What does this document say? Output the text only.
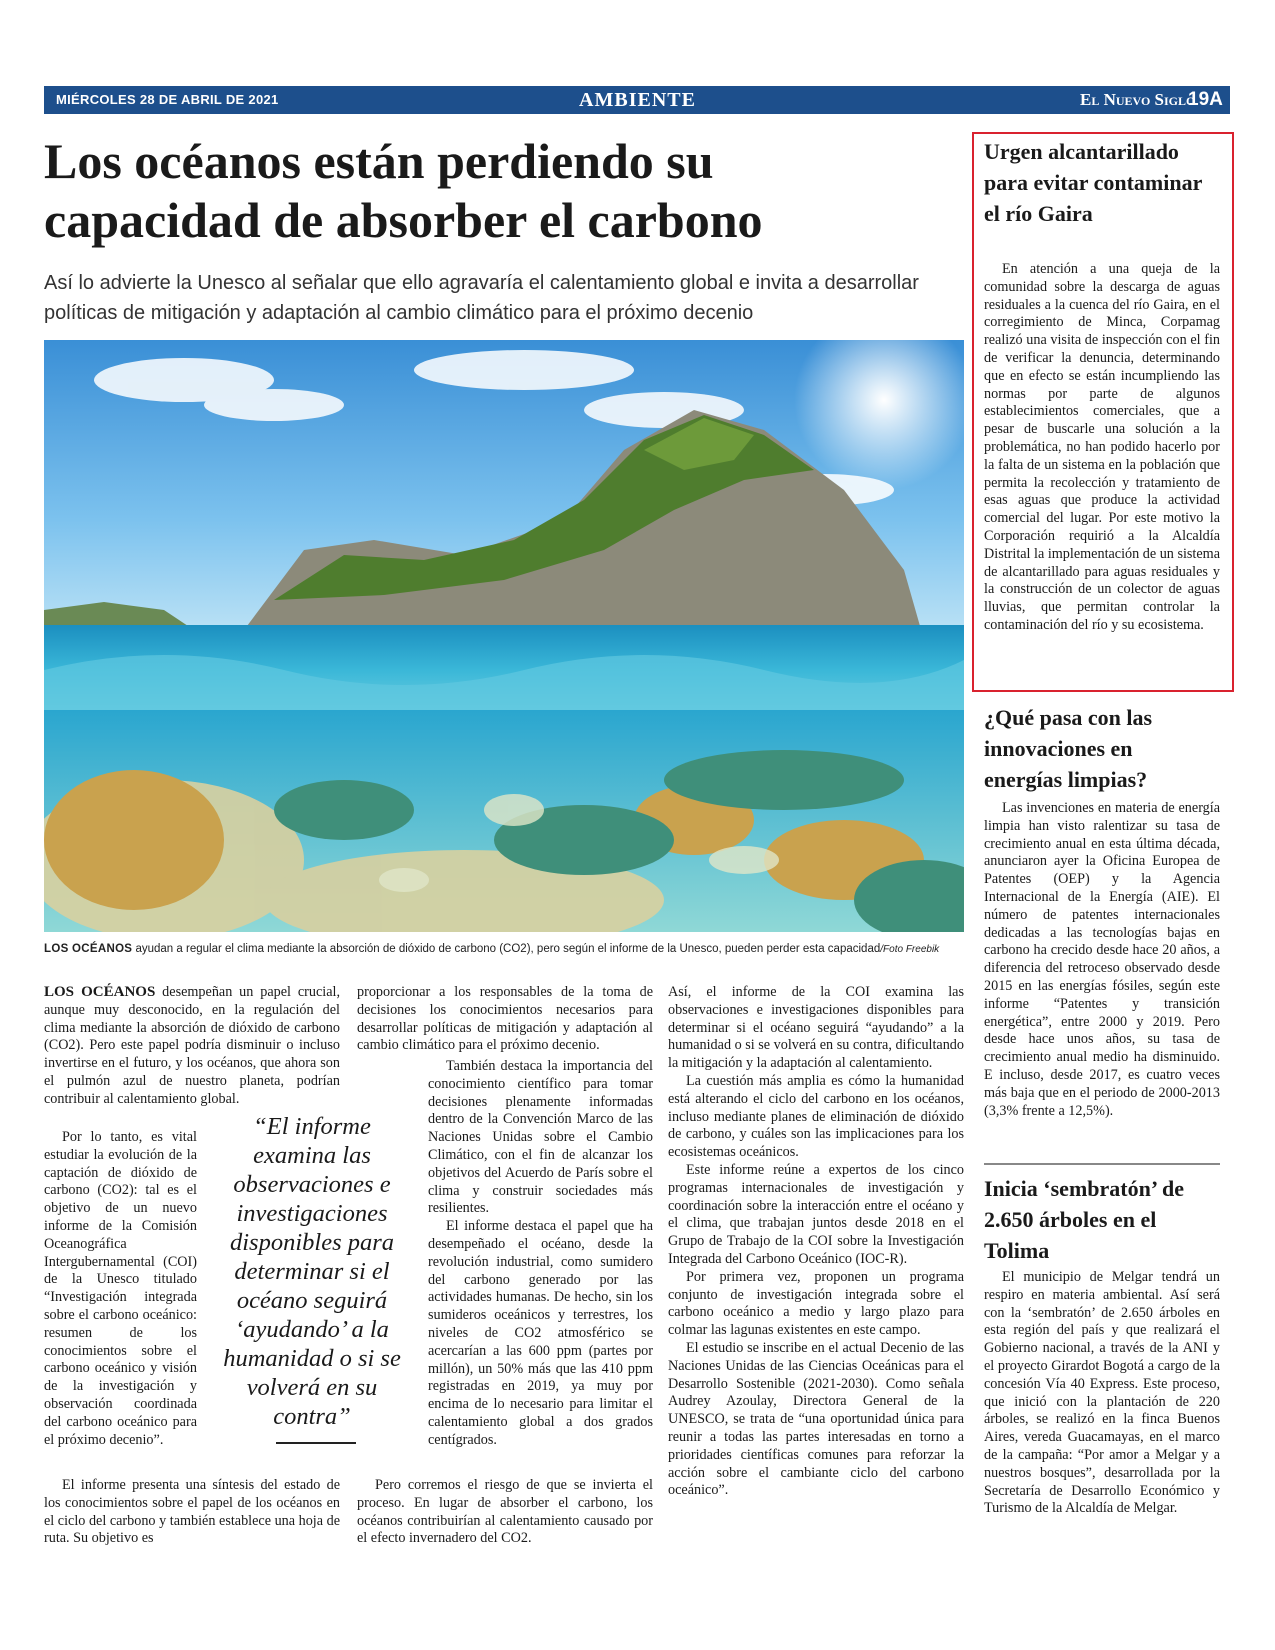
MIÉRCOLES 28 DE ABRIL DE 2021	AMBIENTE	El Nuevo Siglo
19A
Los océanos están perdiendo su capacidad de absorber el carbono

Así lo advierte la Unesco al señalar que ello agravaría el calentamiento global e invita a desarrollar políticas de mitigación y adaptación al cambio climático para el próximo decenio

LOS OCÉANOS ayudan a regular el clima mediante la absorción de dióxido de carbono (CO2), pero según el informe de la Unesco, pueden perder esta capacidad/Foto Freebik

LOS OCÉANOS desempeñan un papel crucial, aunque muy desconocido, en la regulación del clima mediante la absorción de dióxido de carbono (CO2). Pero este papel podría disminuir o incluso invertirse en el futuro, y los océanos, que ahora son el pulmón azul de nuestro planeta, podrían contribuir al calentamiento global.

Por lo tanto, es vital estudiar la evolución de la captación de dióxido de carbono (CO2): tal es el objetivo de un nuevo informe de la Comisión Oceanográfica Intergubernamental (COI) de la Unesco titulado “Investigación integrada sobre el carbono oceánico: resumen de los conocimientos sobre el carbono oceánico y visión de la investigación y observación coordinada del carbono oceánico para el próximo decenio”.

El informe presenta una síntesis del estado de los conocimientos sobre el papel de los océanos en el ciclo del carbono y también establece una hoja de ruta. Su objetivo es

“El informe examina las observaciones e investigaciones disponibles para determinar si el océano seguirá ‘ayudando’ a la humanidad o si se volverá en su contra”

proporcionar a los responsables de la toma de decisiones los conocimientos necesarios para desarrollar políticas de mitigación y adaptación al cambio climático para el próximo decenio.

También destaca la importancia del conocimiento científico para tomar decisiones plenamente informadas dentro de la Convención Marco de las Naciones Unidas sobre el Cambio Climático, con el fin de alcanzar los objetivos del Acuerdo de París sobre el clima y construir sociedades más resilientes.

El informe destaca el papel que ha desempeñado el océano, desde la revolución industrial, como sumidero del carbono generado por las actividades humanas. De hecho, sin los sumideros oceánicos y terrestres, los niveles de CO2 atmosférico se acercarían a las 600 ppm (partes por millón), un 50% más que las 410 ppm registradas en 2019, ya muy por encima de lo necesario para limitar el calentamiento global a dos grados centígrados.

Pero corremos el riesgo de que se invierta el proceso. En lugar de absorber el carbono, los océanos contribuirían al calentamiento causado por el efecto invernadero del CO2.

Así, el informe de la COI examina las observaciones e investigaciones disponibles para determinar si el océano seguirá “ayudando” a la humanidad o si se volverá en su contra, dificultando la mitigación y la adaptación al calentamiento.

La cuestión más amplia es cómo la humanidad está alterando el ciclo del carbono en los océanos, incluso mediante planes de eliminación de dióxido de carbono, y cuáles son las implicaciones para los ecosistemas oceánicos.

Este informe reúne a expertos de los cinco programas internacionales de investigación y coordinación sobre la interacción entre el océano y el clima, que trabajan juntos desde 2018 en el Grupo de Trabajo de la COI sobre la Investigación Integrada del Carbono Oceánico (IOC-R).

Por primera vez, proponen un programa conjunto de investigación integrada sobre el carbono oceánico a medio y largo plazo para colmar las lagunas existentes en este campo.

El estudio se inscribe en el actual Decenio de las Naciones Unidas de las Ciencias Oceánicas para el Desarrollo Sostenible (2021-2030). Como señala Audrey Azoulay, Directora General de la UNESCO, se trata de “una oportunidad única para reunir a todas las partes interesadas en torno a prioridades científicas comunes para reforzar la acción sobre el cambiante ciclo del carbono oceánico”.

Urgen alcantarillado para evitar contaminar el río Gaira

En atención a una queja de la comunidad sobre la descarga de aguas residuales a la cuenca del río Gaira, en el corregimiento de Minca, Corpamag realizó una visita de inspección con el fin de verificar la denuncia, determinando que en efecto se están incumpliendo las normas por parte de algunos establecimientos comerciales, que a pesar de buscarle una solución a la problemática, no han podido hacerlo por la falta de un sistema en la población que permita la recolección y tratamiento de esas aguas que produce la actividad comercial del lugar. Por este motivo la Corporación requirió a la Alcaldía Distrital la implementación de un sistema de alcantarillado para aguas residuales y la construcción de un colector de aguas lluvias, que permitan controlar la contaminación del río y su ecosistema.

¿Qué pasa con las innovaciones en energías limpias?

Las invenciones en materia de energía limpia han visto ralentizar su tasa de crecimiento anual en esta última década, anunciaron ayer la Oficina Europea de Patentes (OEP) y la Agencia Internacional de la Energía (AIE). El número de patentes internacionales dedicadas a las tecnologías bajas en carbono ha crecido desde hace 20 años, a diferencia del retroceso observado desde 2015 en las energías fósiles, según este informe “Patentes y transición energética”, entre 2000 y 2019. Pero desde hace unos años, su tasa de crecimiento anual medio ha disminuido. E incluso, desde 2017, es cuatro veces más baja que en el periodo de 2000-2013 (3,3% frente a 12,5%).

Inicia ‘sembratón’ de 2.650 árboles en el Tolima

El municipio de Melgar tendrá un respiro en materia ambiental. Así será con la ‘sembratón’ de 2.650 árboles en esta región del país y que realizará el Gobierno nacional, a través de la ANI y el proyecto Girardot Bogotá a cargo de la concesión Vía 40 Express. Este proceso, que inició con la plantación de 220 árboles, se realizó en la finca Buenos Aires, vereda Guacamayas, en el marco de la campaña: “Por amor a Melgar y a nuestros bosques”, desarrollada por la Secretaría de Desarrollo Económico y Turismo de la Alcaldía de Melgar.
